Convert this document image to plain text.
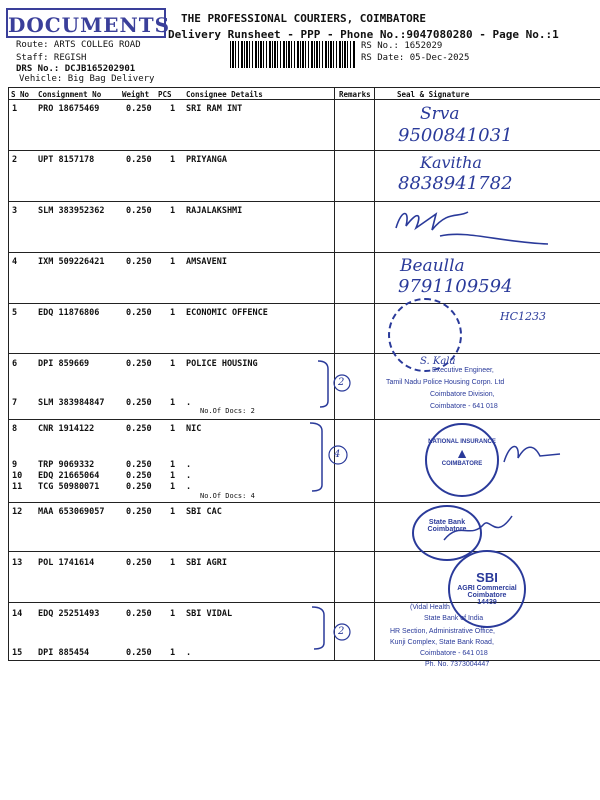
DOCUMENTS THE PROFESSIONAL COURIERS, COIMBATORE
Delivery Runsheet - PPP - Phone No.:9047080280 - Page No.:1
Route: ARTS COLLEG ROAD
Staff: REGISH
DRS No.: DCJB165202901
Vehicle: Big Bag Delivery
RS No.: 1652029
RS Date: 05-Dec-2025
S No Consignment No	Weight PCS Consignee Details	Remarks	Seal & Signature
1 PRO 18675469	0.250 1 SRI RAM INT
2 UPT 8157178	0.250 1 PRIYANGA
3 SLM 383952362	0.250 1 RAJALAKSHMI
4 IXM 509226421	0.250 1 AMSAVENI
5 EDQ 11876806	0.250 1 ECONOMIC OFFENCE
6 DPI 859669	0.250 1 POLICE HOUSING
7 SLM 383984847	0.250 1 .
8 CNR 1914122	0.250 1 NIC
9 TRP 9069332	0.250 1 .
10 EDQ 21665064	0.250 1 .
11 TCG 50980071	0.250 1 .
12 MAA 653069057	0.250 1 SBI CAC
13 POL 1741614	0.250 1 SBI AGRI
14 EDQ 25251493	0.250 1 SBI VIDAL
15 DPI 885454	0.250 1 .
No.Of Docs: 2
No.Of Docs: 4
2
4
2
Srva
9500841031
Kavitha
8838941782
Beaulla
9791109594
HC1233
S. Kala
Executive Engineer,
Tamil Nadu Police Housing Corpn. Ltd
Coimbatore Division,
Coimbatore - 641 018
NATIONAL INSURANCE
▲
COIMBATORE
State Bank
Coimbatore
SBI
AGRI Commercial
Coimbatore
14439
(Vidal Health
State Bank of India
HR Section, Administrative Office,
Kunji Complex, State Bank Road,
Coimbatore - 641 018
Ph. No. 7373004447
